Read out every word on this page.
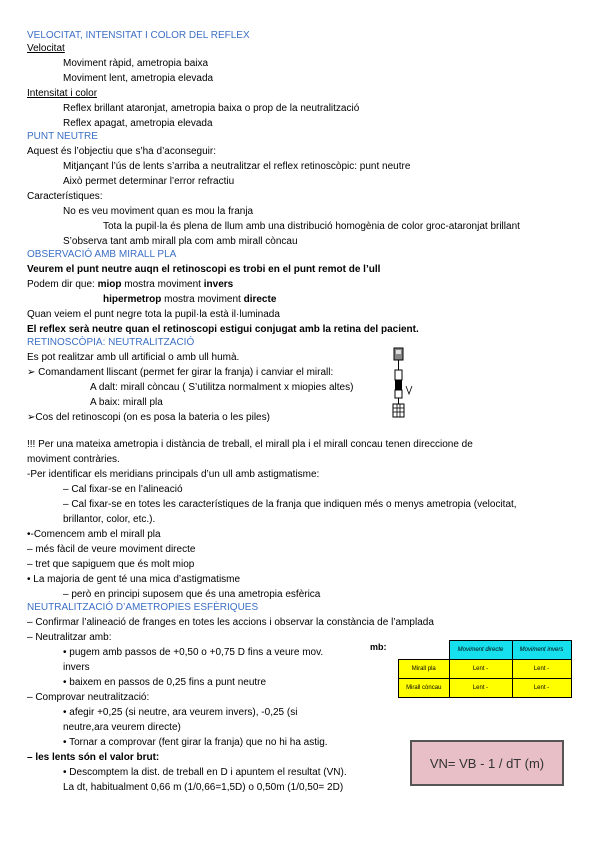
VELOCITAT, INTENSITAT I COLOR DEL REFLEX
Velocitat
Moviment ràpid, ametropia baixa
Moviment lent, ametropia elevada
Intensitat i color
Reflex brillant ataronjat, ametropia baixa o prop de la neutralització
Reflex apagat, ametropia elevada
PUNT NEUTRE
Aquest és l’objectiu que s’ha d’aconseguir:
Mitjançant l’ús de lents s’arriba a neutralitzar el reflex retinoscòpic: punt neutre
Això permet determinar l’error refractiu
Característiques:
No es veu moviment quan es mou la franja
Tota la pupil·la és plena de llum amb una distribució homogènia de color groc-ataronjat brillant
S’observa tant amb mirall pla com amb mirall còncau
OBSERVACIÓ AMB MIRALL PLA
Veurem el punt neutre auqn el retinoscopi es trobi en el punt remot de l’ull
Podem dir que: miop mostra moviment invers
hipermetrop mostra moviment directe
Quan veiem el punt negre tota la pupil·la està il·luminada
El reflex serà neutre quan el retinoscopi estigui conjugat amb la retina del pacient.
RETINOSCÒPIA: NEUTRALITZACIÓ
Es pot realitzar amb ull artificial o amb ull humà.
➢ Comandament lliscant (permet fer girar la franja) i canviar el mirall:
A dalt: mirall còncau ( S’utilitza normalment x miopies altes)
A baix: mirall pla
➢Cos del retinoscopi (on es posa la bateria o les piles)
!!! Per una mateixa ametropia i distància de treball, el mirall pla i el mirall concau tenen direccione de
moviment contràries.
-Per identificar els meridians principals d’un ull amb astigmatisme:
– Cal fixar-se en l’alineació
– Cal fixar-se en totes les característiques de la franja que indiquen més o menys ametropia (velocitat,
brillantor, color, etc.).
•-Comencem amb el mirall pla
– més fàcil de veure moviment directe
– tret que sapiguem que és molt miop
• La majoria de gent té una mica d’astigmatisme
– però en principi suposem que és una ametropia esfèrica
NEUTRALITZACIÓ D’AMETROPIES ESFÈRIQUES
– Confirmar l’alineació de franges en totes les accions i observar la constància de l’amplada
– Neutralitzar amb:
• pugem amb passos de +0,50 o +0,75 D fins a veure mov.
invers
• baixem en passos de 0,25 fins a punt neutre
– Comprovar neutralització:
• afegir +0,25 (si neutre, ara veurem invers), -0,25 (si
neutre,ara veurem directe)
• Tornar a comprovar (fent girar la franja) que no hi ha astig.
– les lents són el valor brut:
• Descomptem la dist. de treball en D i apuntem el resultat (VN).
La dt, habitualment 0,66 m (1/0,66=1,5D) o 0,50m (1/0,50= 2D)
mb:
		Moviment directe	Moviment invers
Mirall pla	Lent -	Lent -
Mirall còncau	Lent -	Lent -
VN= VB - 1 / dT (m)
